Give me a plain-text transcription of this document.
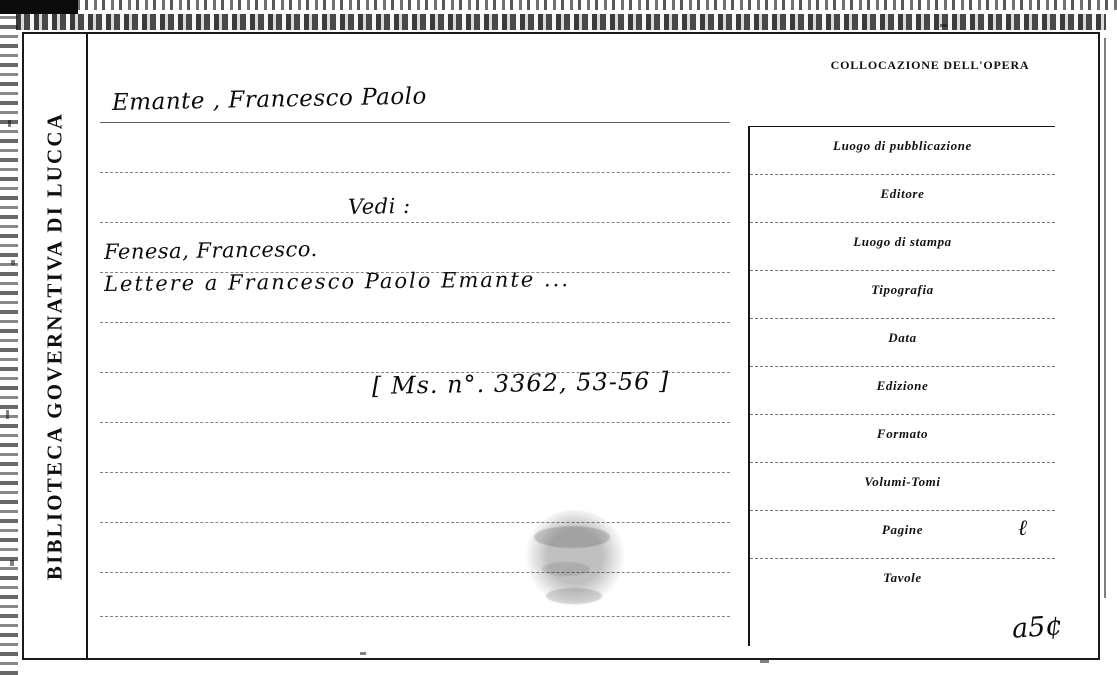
BIBLIOTECA GOVERNATIVA DI LUCCA
Emante , Francesco Paolo
Vedi :
Fenesa, Francesco.
Lettere a Francesco Paolo Emante ...
[ Ms. n°. 3362, 53-56 ]
COLLOCAZIONE DELL'OPERA
Luogo di pubblicazione
Editore
Luogo di stampa
Tipografia
Data
Edizione
Formato
Volumi-Tomi
Pagine	ℓ
Tavole
a5¢
